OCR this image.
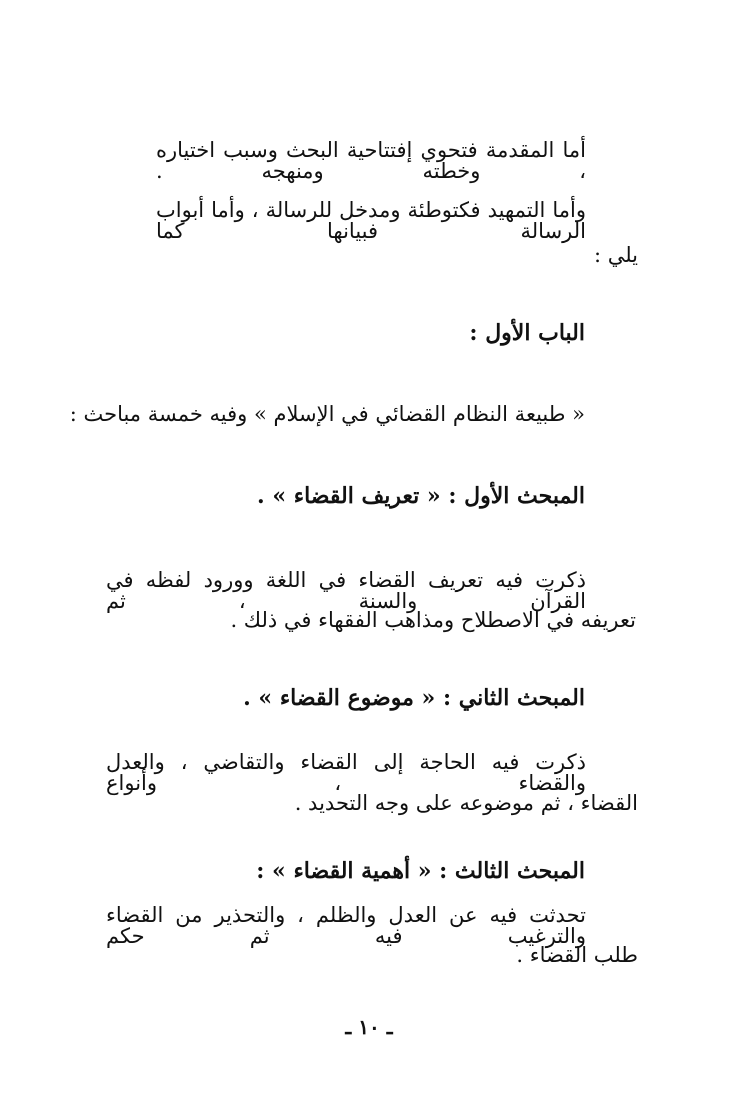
أما المقدمة فتحوي إفتتاحية البحث وسبب اختياره ، وخطته ومنهجه .

وأما التمهيد فكتوطئة ومدخل للرسالة ، وأما أبواب الرسالة فبيانها كما

يلي :

الباب الأول :

« طبيعة النظام القضائي في الإسلام » وفيه خمسة مباحث :

المبحث الأول : « تعريف القضاء » .

ذكرت فيه تعريف القضاء في اللغة وورود لفظه في القرآن والسنة ، ثم

تعريفه في الاصطلاح ومذاهب الفقهاء في ذلك .

المبحث الثاني : « موضوع القضاء » .

ذكرت فيه الحاجة إلى القضاء والتقاضي ، والعدل والقضاء ، وأنواع

القضاء ، ثم موضوعه على وجه التحديد .

المبحث الثالث : « أهمية القضاء » :

تحدثت فيه عن العدل والظلم ، والتحذير من القضاء والترغيب فيه ثم حكم

طلب القضاء .

ـ ١٠ ـ
